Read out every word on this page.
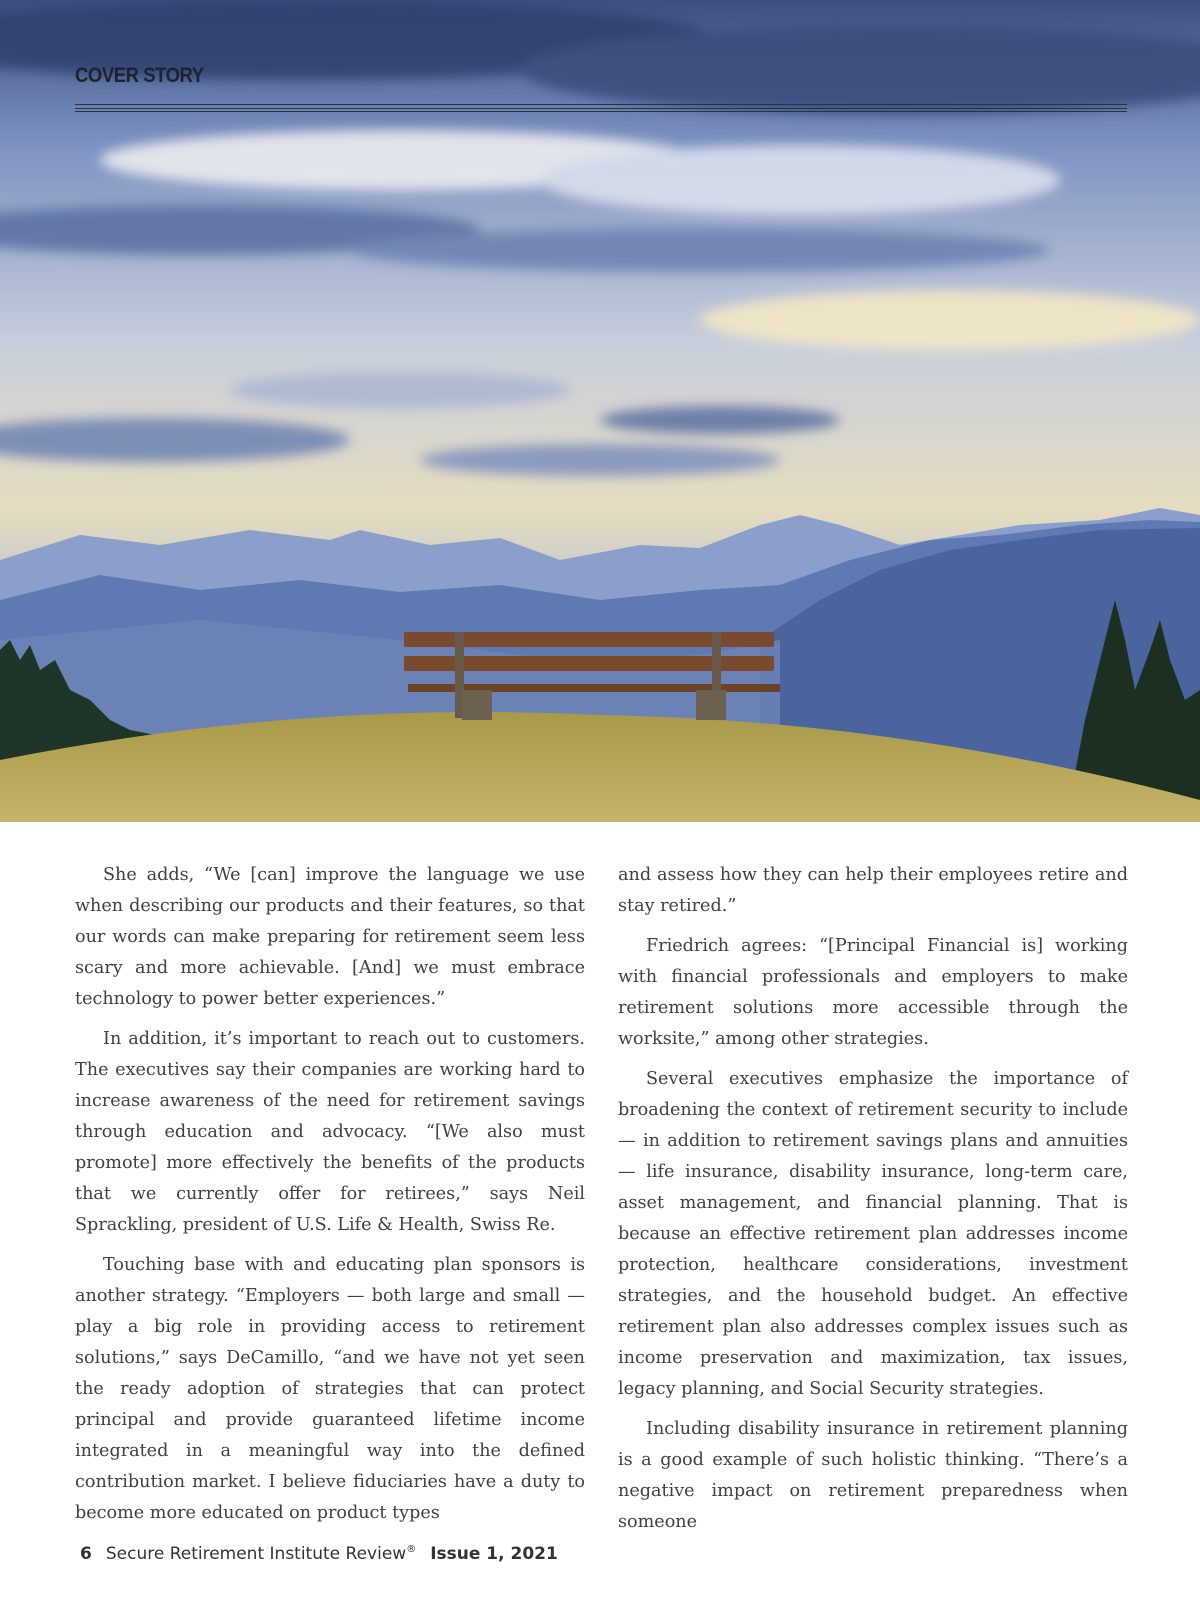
COVER STORY

She adds, “We [can] improve the language we use when describing our products and their features, so that our words can make preparing for retirement seem less scary and more achievable. [And] we must embrace technology to power better experiences.”

In addition, it’s important to reach out to customers. The executives say their companies are working hard to increase awareness of the need for retirement savings through education and advocacy. “[We also must promote] more effectively the benefits of the products that we currently offer for retirees,” says Neil Sprackling, president of U.S. Life & Health, Swiss Re.

Touching base with and educating plan sponsors is another strategy. “Employers — both large and small — play a big role in providing access to retirement solutions,” says DeCamillo, “and we have not yet seen the ready adoption of strategies that can protect principal and provide guaranteed lifetime income integrated in a meaningful way into the defined contribution market. I believe fiduciaries have a duty to become more educated on product types

and assess how they can help their employees retire and stay retired.”

Friedrich agrees: “[Principal Financial is] working with financial professionals and employers to make retirement solutions more accessible through the worksite,” among other strategies.

Several executives emphasize the importance of broadening the context of retirement security to include — in addition to retirement savings plans and annuities — life insurance, disability insurance, long-term care, asset management, and financial planning. That is because an effective retirement plan addresses income protection, healthcare considerations, investment strategies, and the household budget. An effective retirement plan also addresses complex issues such as income preservation and maximization, tax issues, legacy planning, and Social Security strategies.

Including disability insurance in retirement planning is a good example of such holistic thinking. “There’s a negative impact on retirement preparedness when someone

6 Secure Retirement Institute Review® Issue 1, 2021
